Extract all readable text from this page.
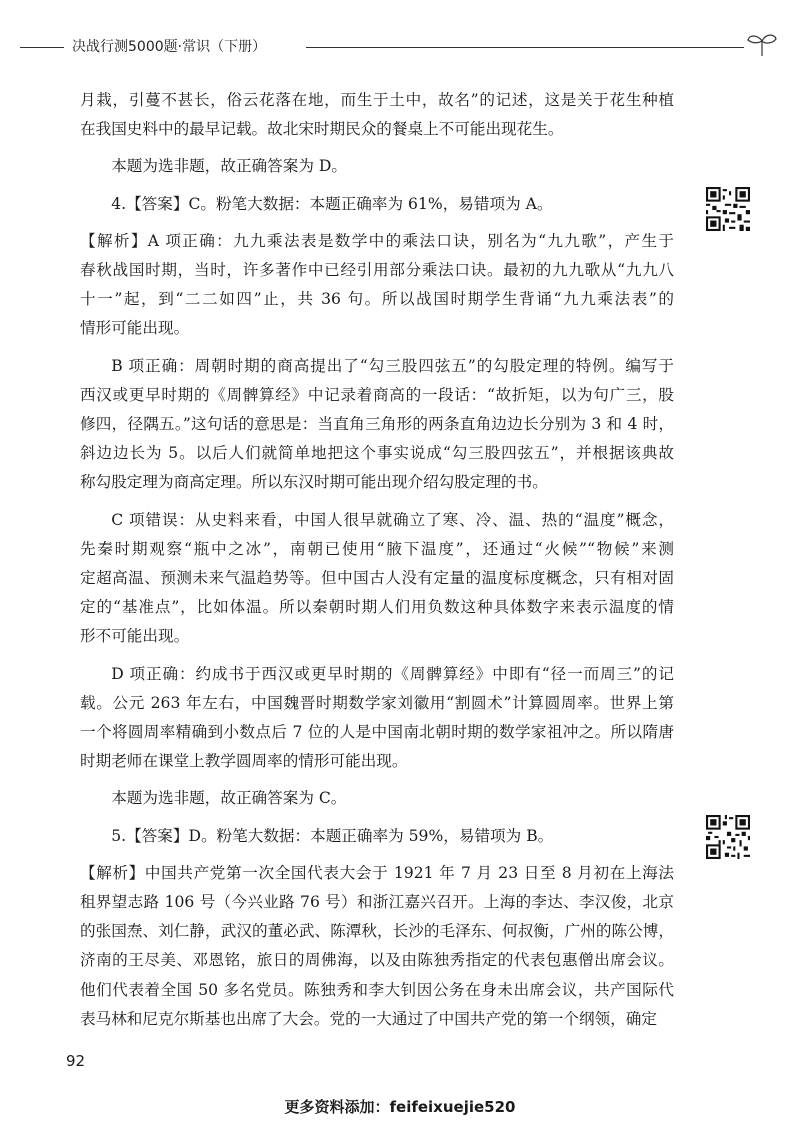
决战行测5000题·常识（下册）

月栽，引蔓不甚长，俗云花落在地，而生于土中，故名”的记述，这是关于花生种植
在我国史料中的最早记载。故北宋时期民众的餐桌上不可能出现花生。

本题为选非题，故正确答案为 D。

4.【答案】C。粉笔大数据：本题正确率为 61%，易错项为 A。

【解析】A 项正确：九九乘法表是数学中的乘法口诀，别名为“九九歌”，产生于
春秋战国时期，当时，许多著作中已经引用部分乘法口诀。最初的九九歌从“九九八
十一”起，到“二二如四”止，共 36 句。所以战国时期学生背诵“九九乘法表”的
情形可能出现。

B 项正确：周朝时期的商高提出了“勾三股四弦五”的勾股定理的特例。编写于
西汉或更早时期的《周髀算经》中记录着商高的一段话：“故折矩，以为句广三，股
修四，径隅五。”这句话的意思是：当直角三角形的两条直角边边长分别为 3 和 4 时，
斜边边长为 5。以后人们就简单地把这个事实说成“勾三股四弦五”，并根据该典故
称勾股定理为商高定理。所以东汉时期可能出现介绍勾股定理的书。

C 项错误：从史料来看，中国人很早就确立了寒、冷、温、热的“温度”概念，
先秦时期观察“瓶中之冰”，南朝已使用“腋下温度”，还通过“火候”“物候”来测
定超高温、预测未来气温趋势等。但中国古人没有定量的温度标度概念，只有相对固
定的“基准点”，比如体温。所以秦朝时期人们用负数这种具体数字来表示温度的情
形不可能出现。

D 项正确：约成书于西汉或更早时期的《周髀算经》中即有“径一而周三”的记
载。公元 263 年左右，中国魏晋时期数学家刘徽用“割圆术”计算圆周率。世界上第
一个将圆周率精确到小数点后 7 位的人是中国南北朝时期的数学家祖冲之。所以隋唐
时期老师在课堂上教学圆周率的情形可能出现。

本题为选非题，故正确答案为 C。

5.【答案】D。粉笔大数据：本题正确率为 59%，易错项为 B。

【解析】中国共产党第一次全国代表大会于 1921 年 7 月 23 日至 8 月初在上海法
租界望志路 106 号（今兴业路 76 号）和浙江嘉兴召开。上海的李达、李汉俊，北京
的张国焘、刘仁静，武汉的董必武、陈潭秋，长沙的毛泽东、何叔衡，广州的陈公博，
济南的王尽美、邓恩铭，旅日的周佛海，以及由陈独秀指定的代表包惠僧出席会议。
他们代表着全国 50 多名党员。陈独秀和李大钊因公务在身未出席会议，共产国际代
表马林和尼克尔斯基也出席了大会。党的一大通过了中国共产党的第一个纲领，确定

92
更多资料添加：feifeixuejie520
